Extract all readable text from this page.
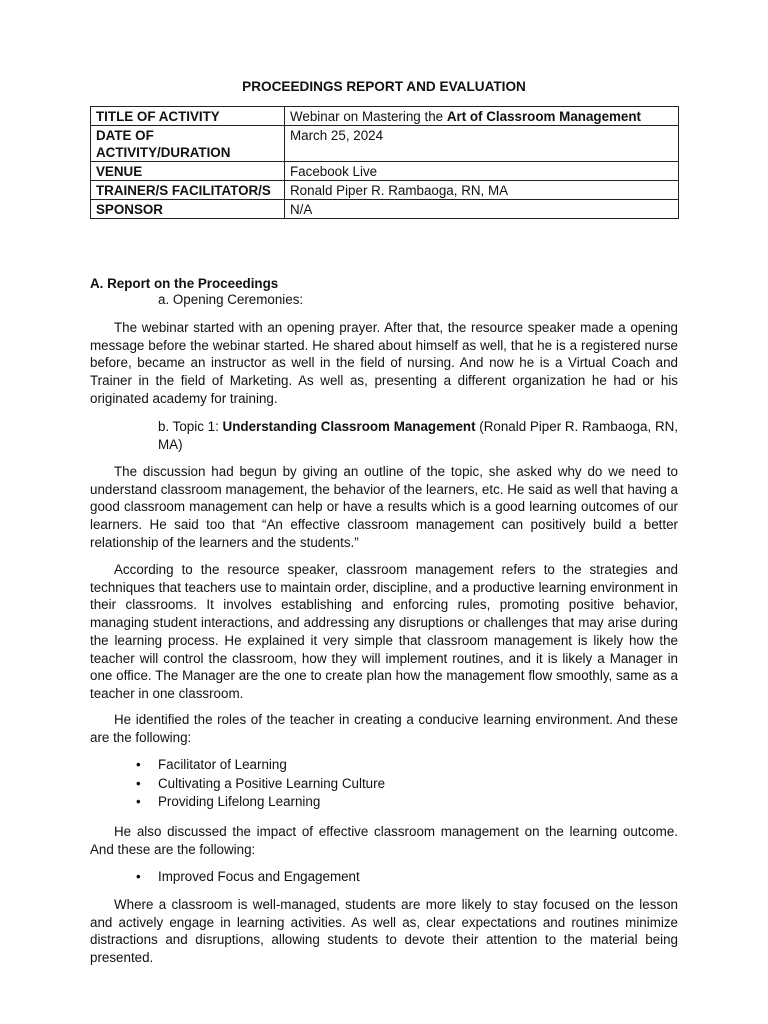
PROCEEDINGS REPORT AND EVALUATION
TITLE OF ACTIVITY	Webinar on Mastering the Art of Classroom Management
DATE OF ACTIVITY/DURATION	March 25, 2024
VENUE	Facebook Live
TRAINER/S FACILITATOR/S	Ronald Piper R. Rambaoga, RN, MA
SPONSOR	N/A
A. Report on the Proceedings
a. Opening Ceremonies:

The webinar started with an opening prayer. After that, the resource speaker made a opening message before the webinar started. He shared about himself as well, that he is a registered nurse before, became an instructor as well in the field of nursing. And now he is a Virtual Coach and Trainer in the field of Marketing. As well as, presenting a different organization he had or his originated academy for training.

b. Topic 1: Understanding Classroom Management (Ronald Piper R. Rambaoga, RN, MA)

The discussion had begun by giving an outline of the topic, she asked why do we need to understand classroom management, the behavior of the learners, etc. He said as well that having a good classroom management can help or have a results which is a good learning outcomes of our learners. He said too that “An effective classroom management can positively build a better relationship of the learners and the students.”

According to the resource speaker, classroom management refers to the strategies and techniques that teachers use to maintain order, discipline, and a productive learning environment in their classrooms. It involves establishing and enforcing rules, promoting positive behavior, managing student interactions, and addressing any disruptions or challenges that may arise during the learning process. He explained it very simple that classroom management is likely how the teacher will control the classroom, how they will implement routines, and it is likely a Manager in one office. The Manager are the one to create plan how the management flow smoothly, same as a teacher in one classroom.

He identified the roles of the teacher in creating a conducive learning environment. And these are the following:

• Facilitator of Learning
• Cultivating a Positive Learning Culture
• Providing Lifelong Learning

He also discussed the impact of effective classroom management on the learning outcome. And these are the following:

• Improved Focus and Engagement

Where a classroom is well-managed, students are more likely to stay focused on the lesson and actively engage in learning activities. As well as, clear expectations and routines minimize distractions and disruptions, allowing students to devote their attention to the material being presented.
